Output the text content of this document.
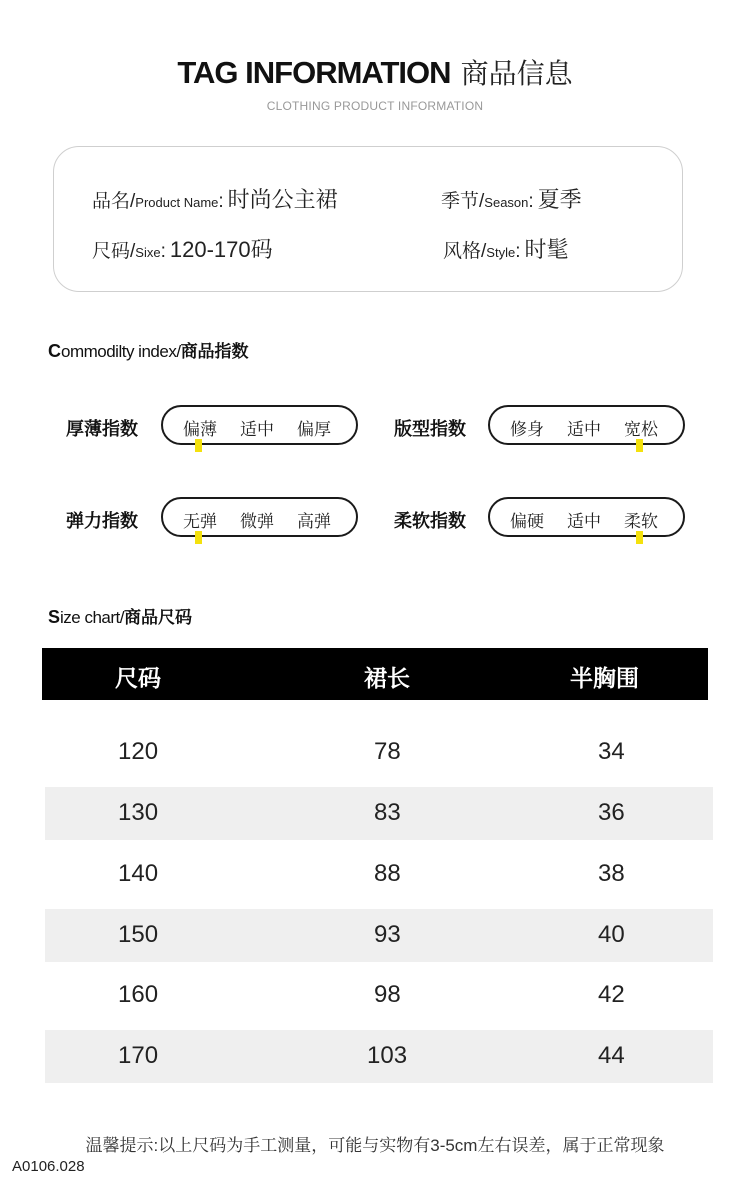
TAG INFORMATION 商品信息
CLOTHING PRODUCT INFORMATION
品名/Product Name: 时尚公主裙	季节/Season: 夏季
尺码/Sixe: 120-170码	风格/Style: 时髦
Commodilty index/商品指数
厚薄指数	偏薄 适中 偏厚	版型指数	修身 适中 宽松
弹力指数	无弹 微弹 高弹	柔软指数	偏硬 适中 柔软
Size chart/商品尺码
尺码	裙长	半胸围
120	78	34
130	83	36
140	88	38
150	93	40
160	98	42
170	103	44
温馨提示:以上尺码为手工测量，可能与实物有3-5cm左右误差，属于正常现象
A0106.028
